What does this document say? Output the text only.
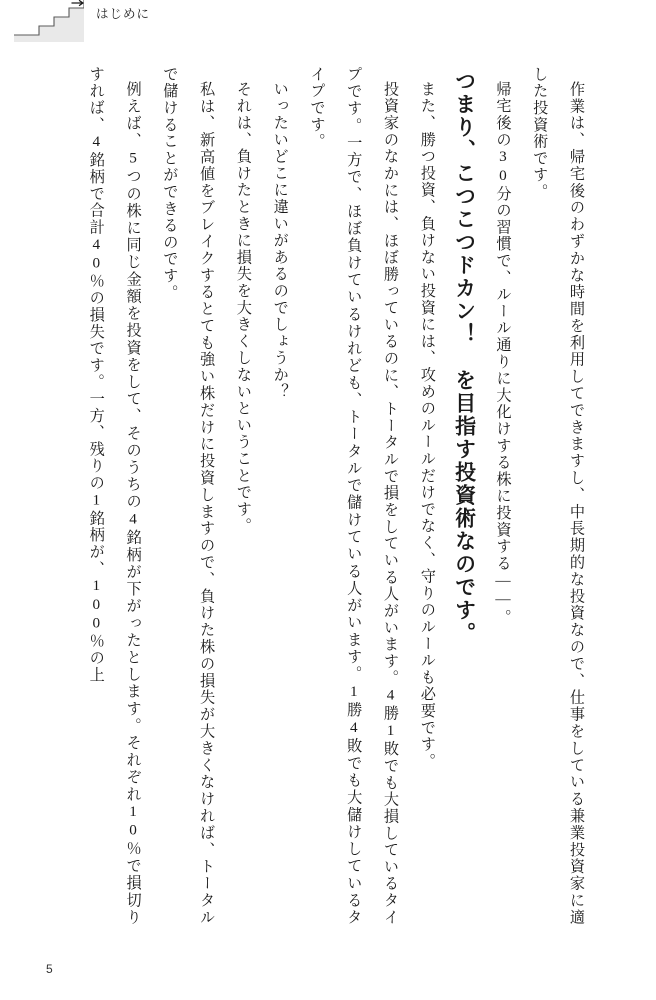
はじめに

作業は、帰宅後のわずかな時間を利用してできますし、中長期的な投資なので、仕事をしている兼業投資家に適した投資術です。

帰宅後の30分の習慣で、ルール通りに大化けする株に投資する――。

つまり、こつこつドカン！　を目指す投資術なのです。

また、勝つ投資、負けない投資には、攻めのルールだけでなく、守りのルールも必要です。

投資家のなかには、ほぼ勝っているのに、トータルで損をしている人がいます。4勝1敗でも大損しているタイプです。一方で、ほぼ負けているけれども、トータルで儲けている人がいます。1勝4敗でも大儲けしているタイプです。

いったいどこに違いがあるのでしょうか？

それは、負けたときに損失を大きくしないということです。

私は、新高値をブレイクするとても強い株だけに投資しますので、負けた株の損失が大きくなければ、トータルで儲けることができるのです。

例えば、5つの株に同じ金額を投資をして、そのうちの4銘柄が下がったとします。それぞれ10％で損切りすれば、4銘柄で合計40％の損失です。一方、残りの1銘柄が、100％の上

5
